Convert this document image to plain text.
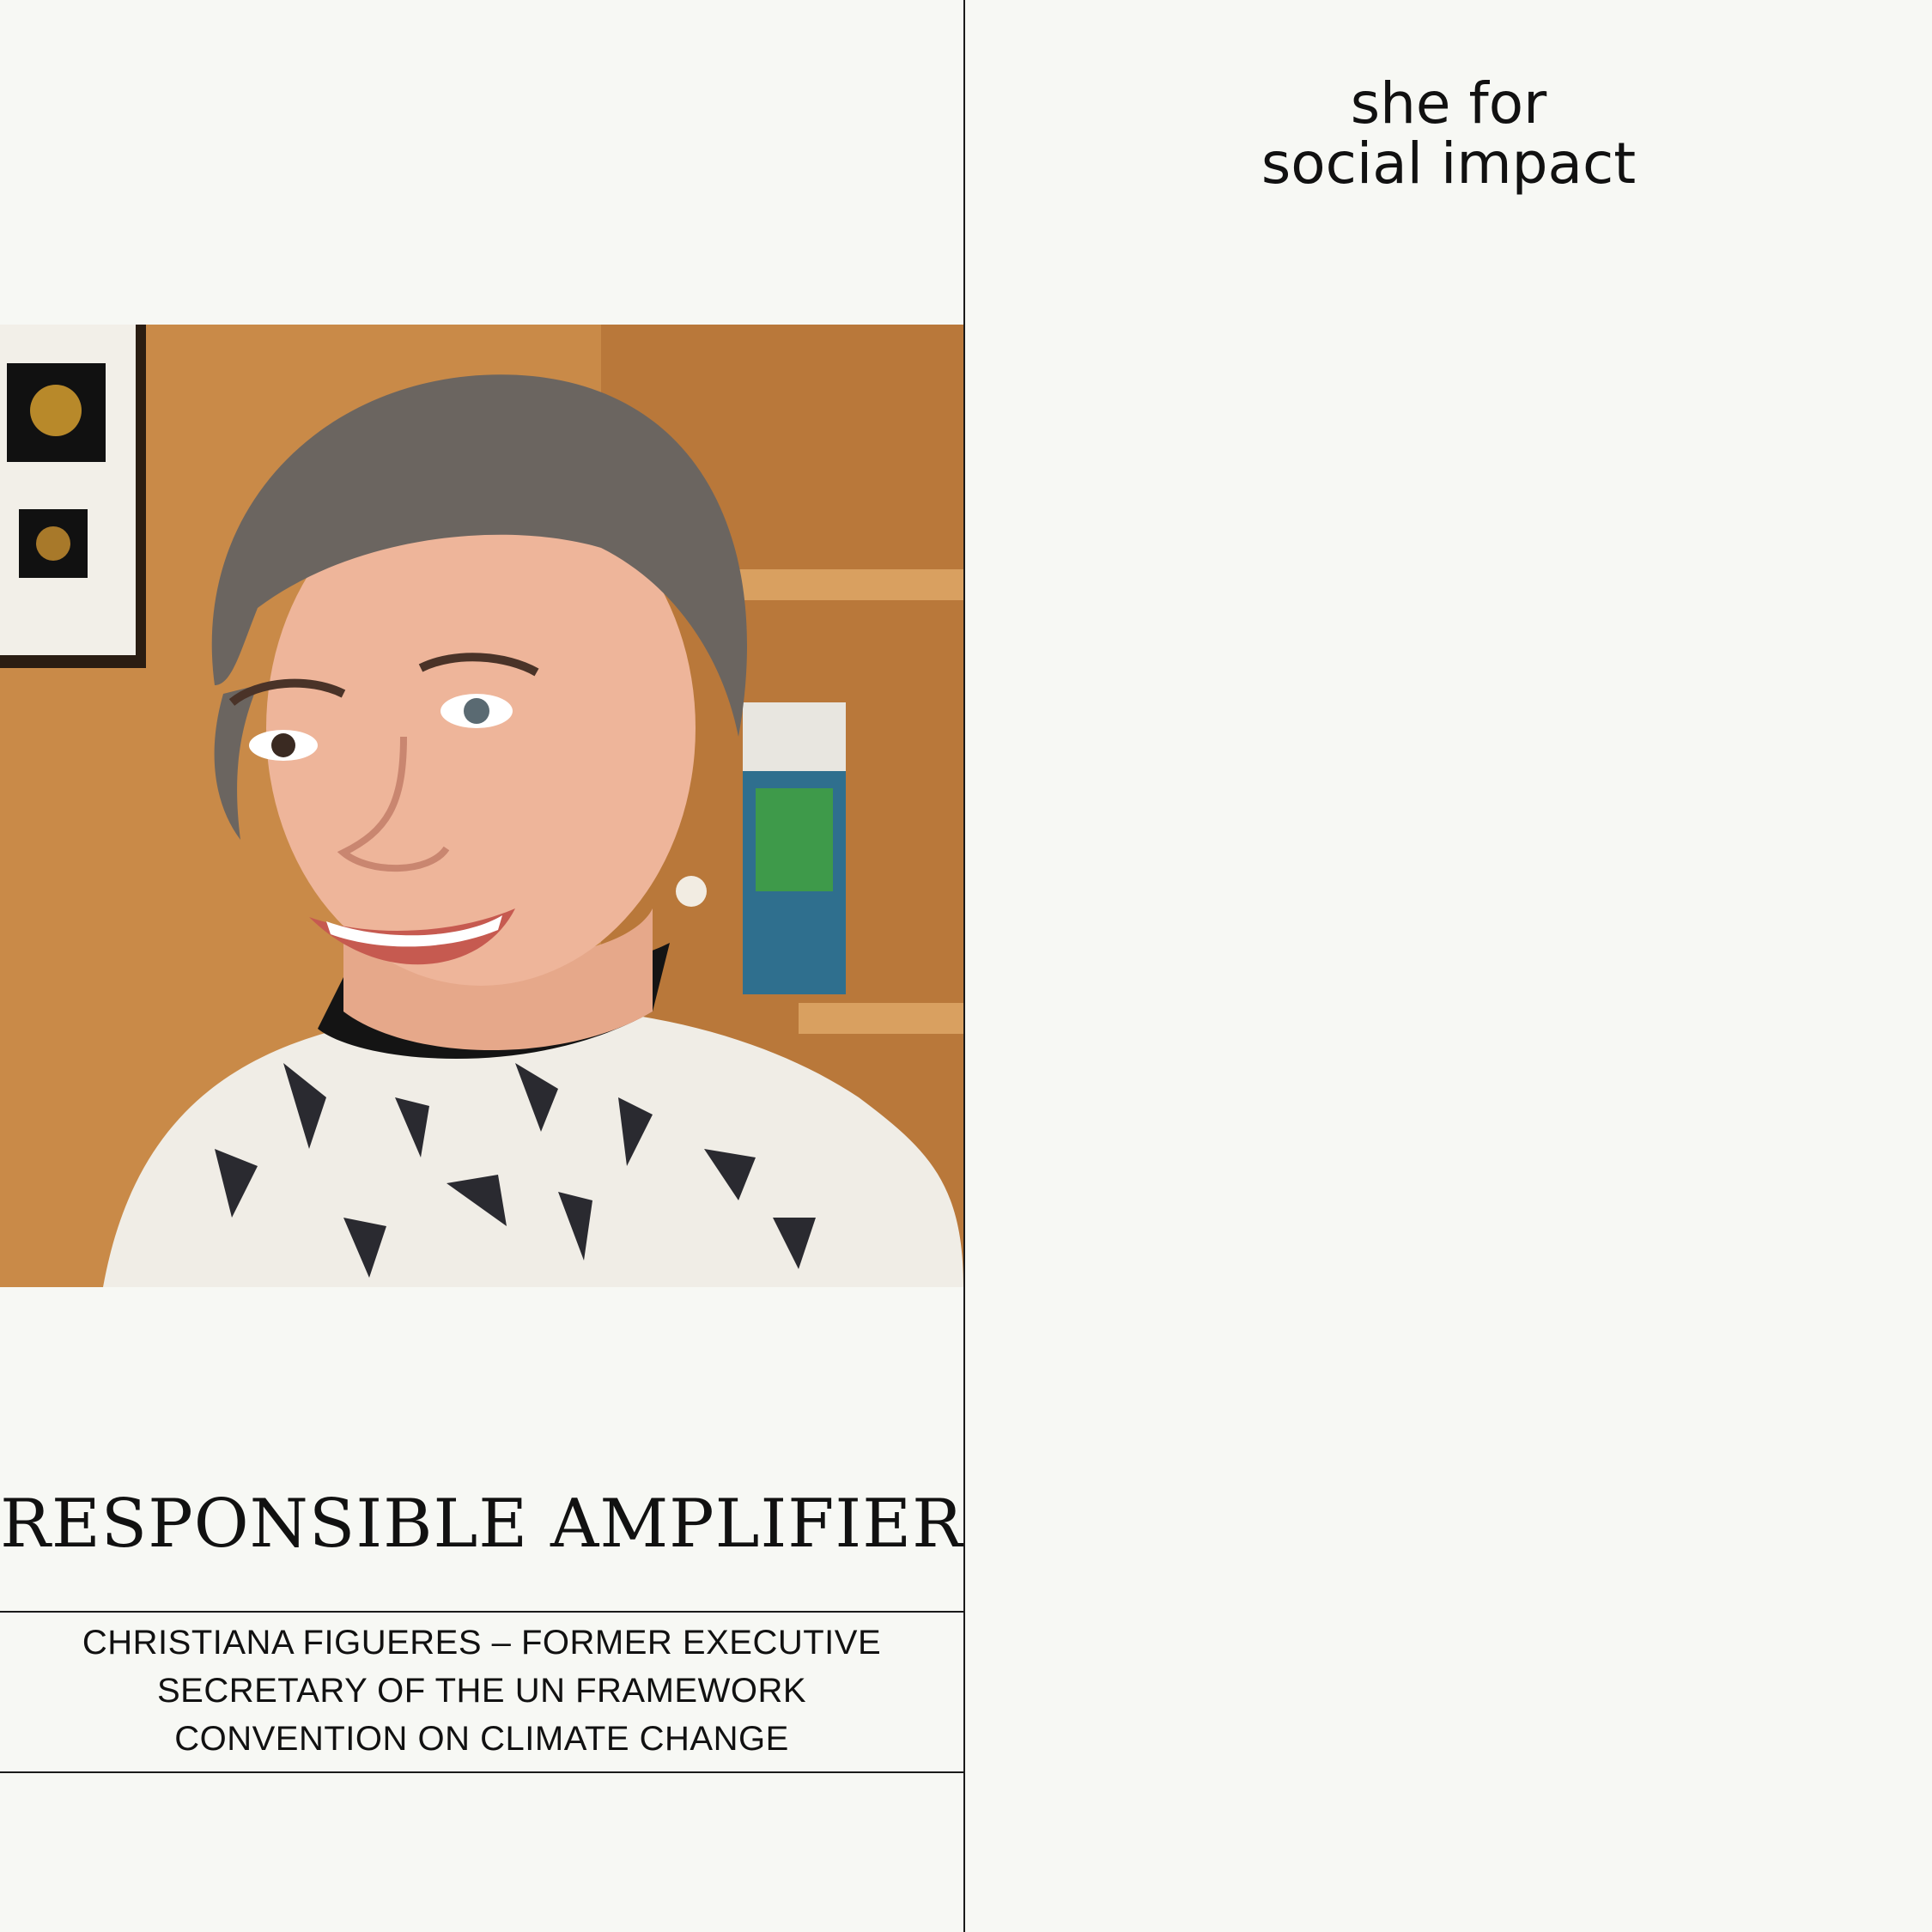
RESPONSIBLE AMPLIFIER
CHRISTIANA FIGUERES – FORMER EXECUTIVE
SECRETARY OF THE UN FRAMEWORK
CONVENTION ON CLIMATE CHANGE
she for
social impact
